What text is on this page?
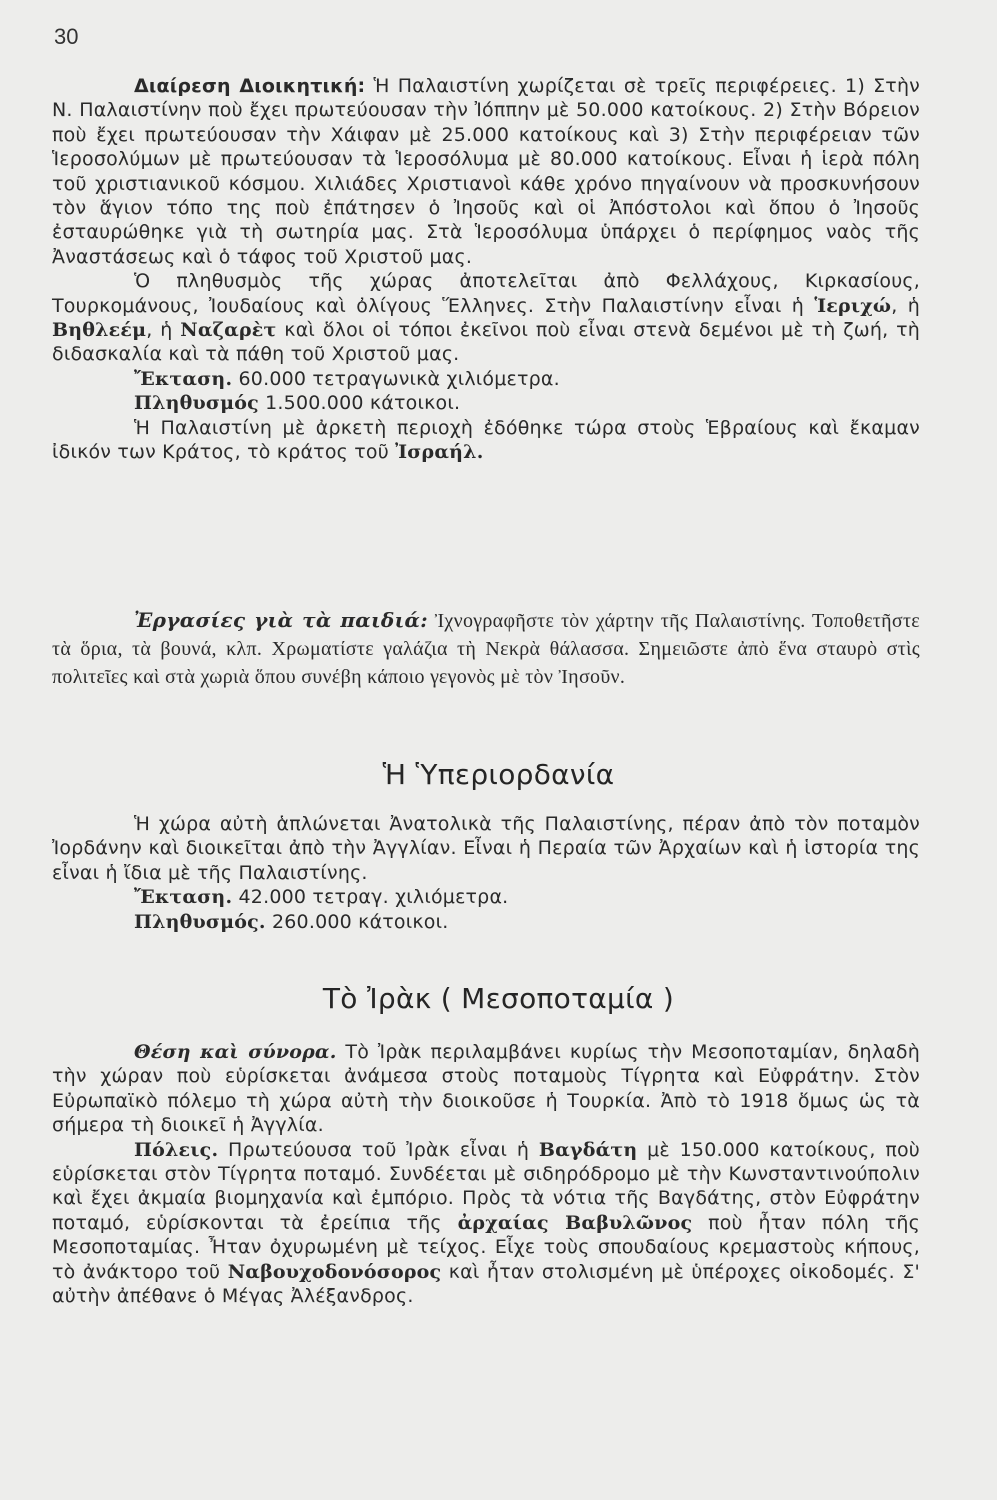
30

Διαίρεση Διοικητική: Ἡ Παλαιστίνη χωρίζεται σὲ τρεῖς περιφέρειες. 1) Στὴν Ν. Παλαιστίνην ποὺ ἔχει πρωτεύουσαν τὴν Ἰόππην μὲ 50.000 κατοίκους. 2) Στὴν Βόρειον ποὺ ἔχει πρωτεύουσαν τὴν Χάιφαν μὲ 25.000 κατοίκους καὶ 3) Στὴν περιφέρειαν τῶν Ἱεροσολύμων μὲ πρωτεύουσαν τὰ Ἱεροσόλυμα μὲ 80.000 κατοίκους. Εἶναι ἡ ἱερὰ πόλη τοῦ χριστιανικοῦ κόσμου. Χιλιάδες Χριστιανοὶ κάθε χρόνο πηγαίνουν νὰ προσκυνήσουν τὸν ἅγιον τόπο της ποὺ ἐπάτησεν ὁ Ἰησοῦς καὶ οἱ Ἀπόστολοι καὶ ὅπου ὁ Ἰησοῦς ἐσταυρώθηκε γιὰ τὴ σωτηρία μας. Στὰ Ἱεροσόλυμα ὑπάρχει ὁ περίφημος ναὸς τῆς Ἀναστάσεως καὶ ὁ τάφος τοῦ Χριστοῦ μας.

Ὁ πληθυσμὸς τῆς χώρας ἀποτελεῖται ἀπὸ Φελλάχους, Κιρκασίους, Τουρκομάνους, Ἰουδαίους καὶ ὀλίγους Ἕλληνες. Στὴν Παλαιστίνην εἶναι ἡ Ἱεριχώ, ἡ Βηθλεέμ, ἡ Ναζαρὲτ καὶ ὅλοι οἱ τόποι ἐκεῖνοι ποὺ εἶναι στενὰ δεμένοι μὲ τὴ ζωή, τὴ διδασκαλία καὶ τὰ πάθη τοῦ Χριστοῦ μας.

Ἔκταση. 60.000 τετραγωνικὰ χιλιόμετρα.

Πληθυσμός 1.500.000 κάτοικοι.

Ἡ Παλαιστίνη μὲ ἀρκετὴ περιοχὴ ἐδόθηκε τώρα στοὺς Ἑβραίους καὶ ἔκαμαν ἰδικόν των Κράτος, τὸ κράτος τοῦ Ἰσραήλ.

Ἐργασίες γιὰ τὰ παιδιά: Ἰχνογραφῆστε τὸν χάρτην τῆς Παλαιστίνης. Τοποθετῆστε τὰ ὅρια, τὰ βουνά, κλπ. Χρωματίστε γαλάζια τὴ Νεκρὰ θάλασσα. Σημειῶστε ἀπὸ ἕνα σταυρὸ στὶς πολιτεῖες καὶ στὰ χωριὰ ὅπου συνέβη κάποιο γεγονὸς μὲ τὸν Ἰησοῦν.

Ἡ Ὑπεριορδανία

Ἡ χώρα αὐτὴ ἁπλώνεται Ἀνατολικὰ τῆς Παλαιστίνης, πέραν ἀπὸ τὸν ποταμὸν Ἰορδάνην καὶ διοικεῖται ἀπὸ τὴν Ἀγγλίαν. Εἶναι ἡ Περαία τῶν Ἀρχαίων καὶ ἡ ἱστορία της εἶναι ἡ ἴδια μὲ τῆς Παλαιστίνης.

Ἔκταση. 42.000 τετραγ. χιλιόμετρα.

Πληθυσμός. 260.000 κάτοικοι.

Τὸ Ἰρὰκ ( Μεσοποταμία )

Θέση καὶ σύνορα. Τὸ Ἰρὰκ περιλαμβάνει κυρίως τὴν Μεσοποταμίαν, δηλαδὴ τὴν χώραν ποὺ εὑρίσκεται ἀνάμεσα στοὺς ποταμοὺς Τίγρητα καὶ Εὐφράτην. Στὸν Εὐρωπαϊκὸ πόλεμο τὴ χώρα αὐτὴ τὴν διοικοῦσε ἡ Τουρκία. Ἀπὸ τὸ 1918 ὅμως ὡς τὰ σήμερα τὴ διοικεῖ ἡ Ἀγγλία.

Πόλεις. Πρωτεύουσα τοῦ Ἰρὰκ εἶναι ἡ Βαγδάτη μὲ 150.000 κατοίκους, ποὺ εὑρίσκεται στὸν Τίγρητα ποταμό. Συνδέεται μὲ σιδηρόδρομο μὲ τὴν Κωνσταντινούπολιν καὶ ἔχει ἀκμαία βιομηχανία καὶ ἐμπόριο. Πρὸς τὰ νότια τῆς Βαγδάτης, στὸν Εὐφράτην ποταμό, εὑρίσκονται τὰ ἐρείπια τῆς ἀρχαίας Βαβυλῶνος ποὺ ἦταν πόλη τῆς Μεσοποταμίας. Ἦταν ὀχυρωμένη μὲ τείχος. Εἶχε τοὺς σπουδαίους κρεμαστοὺς κήπους, τὸ ἀνάκτορο τοῦ Ναβουχοδονόσορος καὶ ἦταν στολισμένη μὲ ὑπέροχες οἰκοδομές. Σ' αὐτὴν ἀπέθανε ὁ Μέγας Ἀλέξανδρος.
